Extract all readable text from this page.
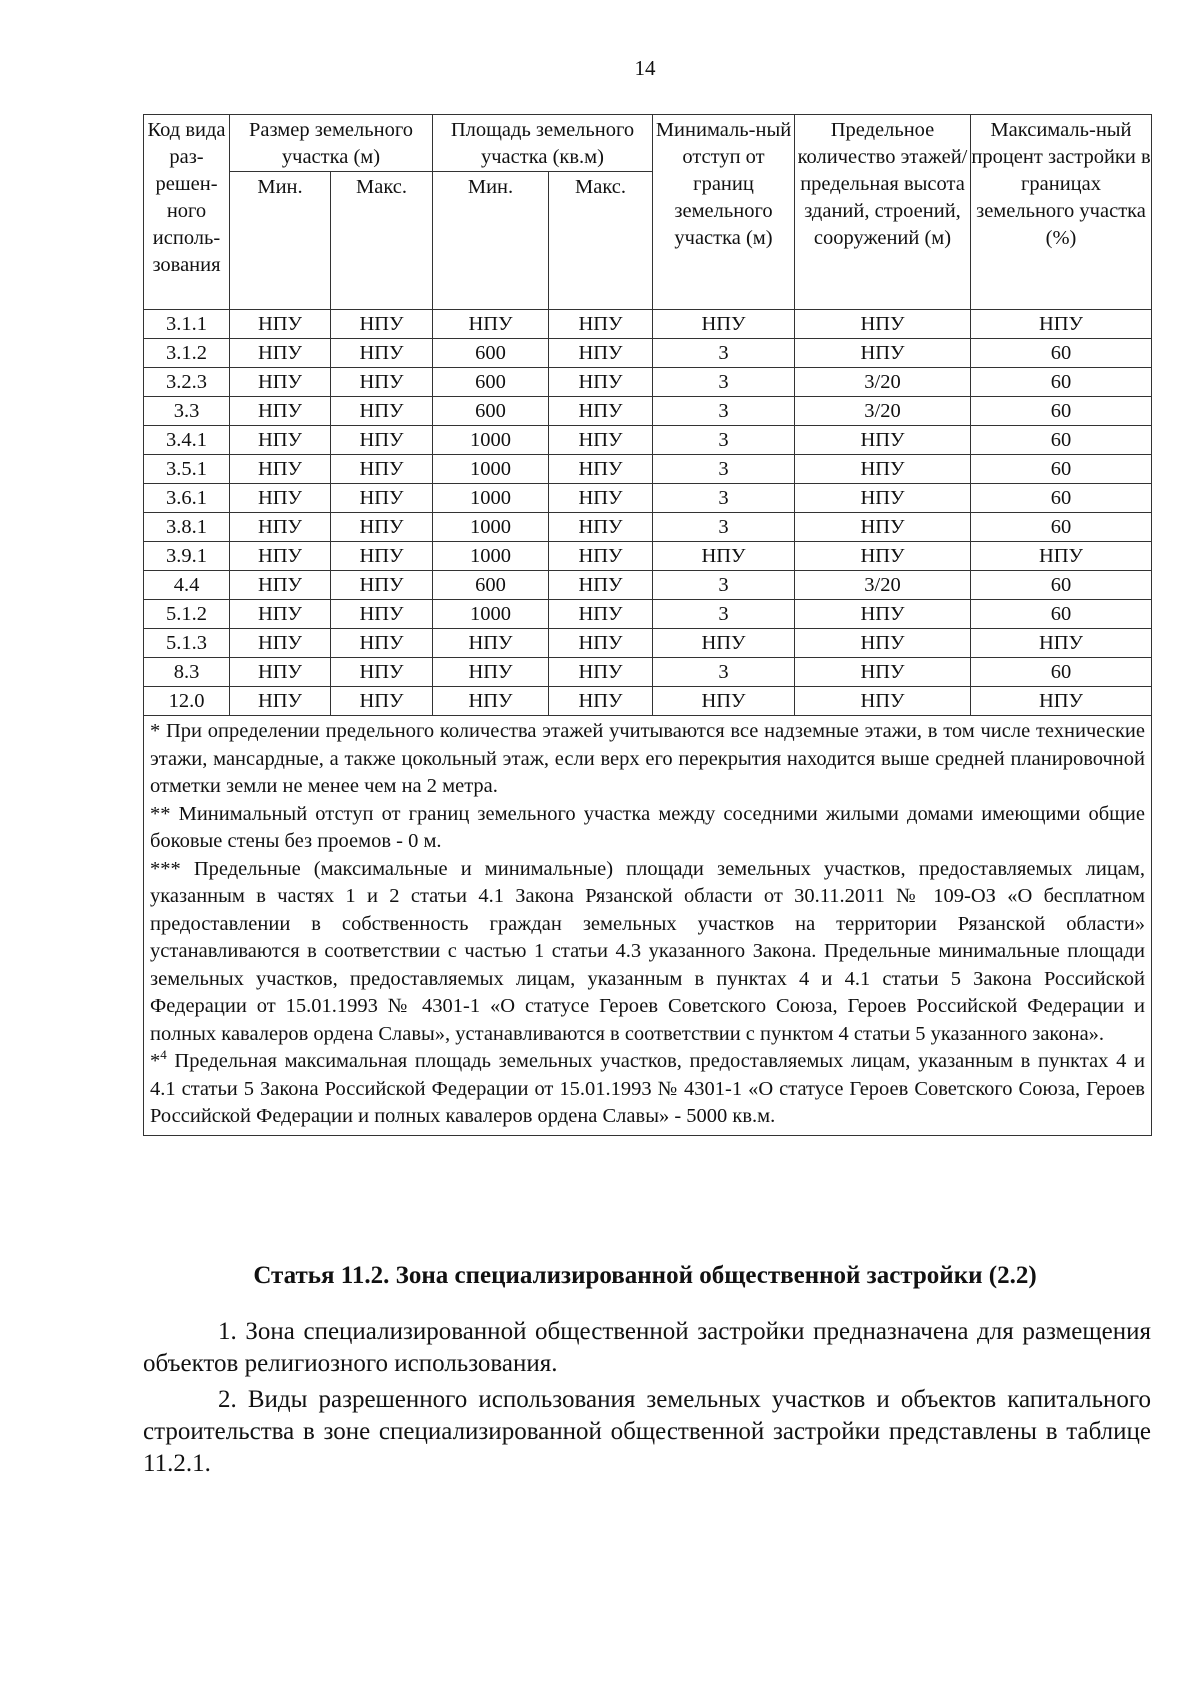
14
Код вида раз-решен-ного исполь-зования	Размер земельного участка (м)		Площадь земельного участка (кв.м)		Минималь-ный отступ от границ земельного участка (м)	Предельное количество этажей/ предельная высота зданий, строений, сооружений (м)	Максималь-ный процент застройки в границах земельного участка (%)
	Мин.	Макс.	Мин.	Макс.			
3.1.1	НПУ	НПУ	НПУ	НПУ	НПУ	НПУ	НПУ
3.1.2	НПУ	НПУ	600	НПУ	3	НПУ	60
3.2.3	НПУ	НПУ	600	НПУ	3	3/20	60
3.3	НПУ	НПУ	600	НПУ	3	3/20	60
3.4.1	НПУ	НПУ	1000	НПУ	3	НПУ	60
3.5.1	НПУ	НПУ	1000	НПУ	3	НПУ	60
3.6.1	НПУ	НПУ	1000	НПУ	3	НПУ	60
3.8.1	НПУ	НПУ	1000	НПУ	3	НПУ	60
3.9.1	НПУ	НПУ	1000	НПУ	НПУ	НПУ	НПУ
4.4	НПУ	НПУ	600	НПУ	3	3/20	60
5.1.2	НПУ	НПУ	1000	НПУ	3	НПУ	60
5.1.3	НПУ	НПУ	НПУ	НПУ	НПУ	НПУ	НПУ
8.3	НПУ	НПУ	НПУ	НПУ	3	НПУ	60
12.0	НПУ	НПУ	НПУ	НПУ	НПУ	НПУ	НПУ

* При определении предельного количества этажей учитываются все надземные этажи, в том числе технические этажи, мансардные, а также цокольный этаж, если верх его перекрытия находится выше средней планировочной отметки земли не менее чем на 2 метра.

** Минимальный отступ от границ земельного участка между соседними жилыми домами имеющими общие боковые стены без проемов - 0 м.

*** Предельные (максимальные и минимальные) площади земельных участков, предоставляемых лицам, указанным в частях 1 и 2 статьи 4.1 Закона Рязанской области от 30.11.2011 № 109-ОЗ «О бесплатном предоставлении в собственность граждан земельных участков на территории Рязанской области» устанавливаются в соответствии с частью 1 статьи 4.3 указанного Закона. Предельные минимальные площади земельных участков, предоставляемых лицам, указанным в пунктах 4 и 4.1 статьи 5 Закона Российской Федерации от 15.01.1993 № 4301-1 «О статусе Героев Советского Союза, Героев Российской Федерации и полных кавалеров ордена Славы», устанавливаются в соответствии с пунктом 4 статьи 5 указанного закона».

*$^4$ Предельная максимальная площадь земельных участков, предоставляемых лицам, указанным в пунктах 4 и 4.1 статьи 5 Закона Российской Федерации от 15.01.1993 № 4301-1 «О статусе Героев Советского Союза, Героев Российской Федерации и полных кавалеров ордена Славы» - 5000 кв.м.							

Статья 11.2. Зона специализированной общественной застройки (2.2)

1. Зона специализированной общественной застройки предназначена для размещения объектов религиозного использования.

2. Виды разрешенного использования земельных участков и объектов капитального строительства в зоне специализированной общественной застройки представлены в таблице 11.2.1.
